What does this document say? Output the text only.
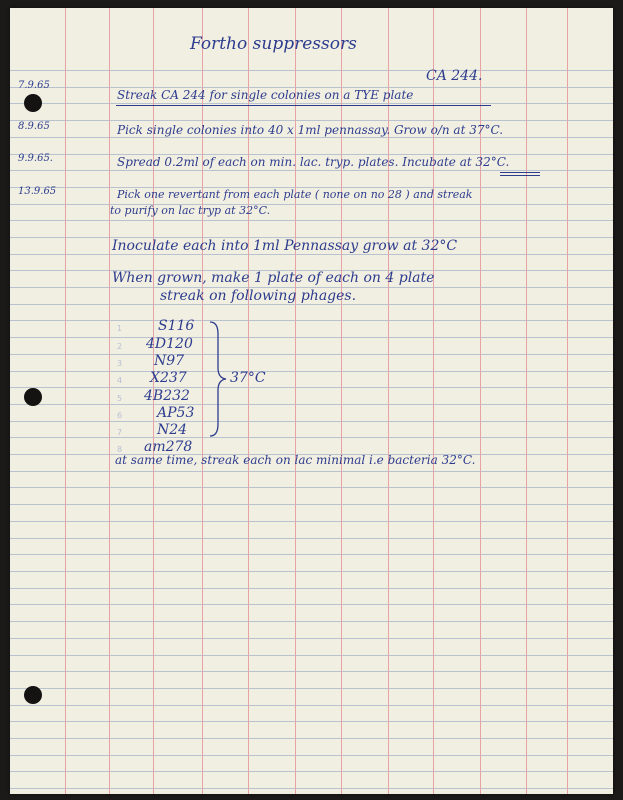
Fortho suppressors
CA 244.
7.9.65
Streak CA 244 for single colonies on a TYE plate
8.9.65	Pick single colonies into 40 x 1ml pennassay. Grow o/n at 37°C.
9.9.65.	Spread 0.2ml of each on min. lac. tryp. plates. Incubate at 32°C.
13.9.65	Pick one revertant from each plate ( none on no 28 ) and streak
to purify on lac tryp at 32°C.
Inoculate each into 1ml Pennassay grow at 32°C
When grown, make 1 plate of each on 4 plate
streak on following phages.
1	S116
2 4D120
3 N97
4 X237
5 4B232
6 AP53
7 N24
8 am278
37°C
at same time, streak each on lac minimal i.e bacteria 32°C.
